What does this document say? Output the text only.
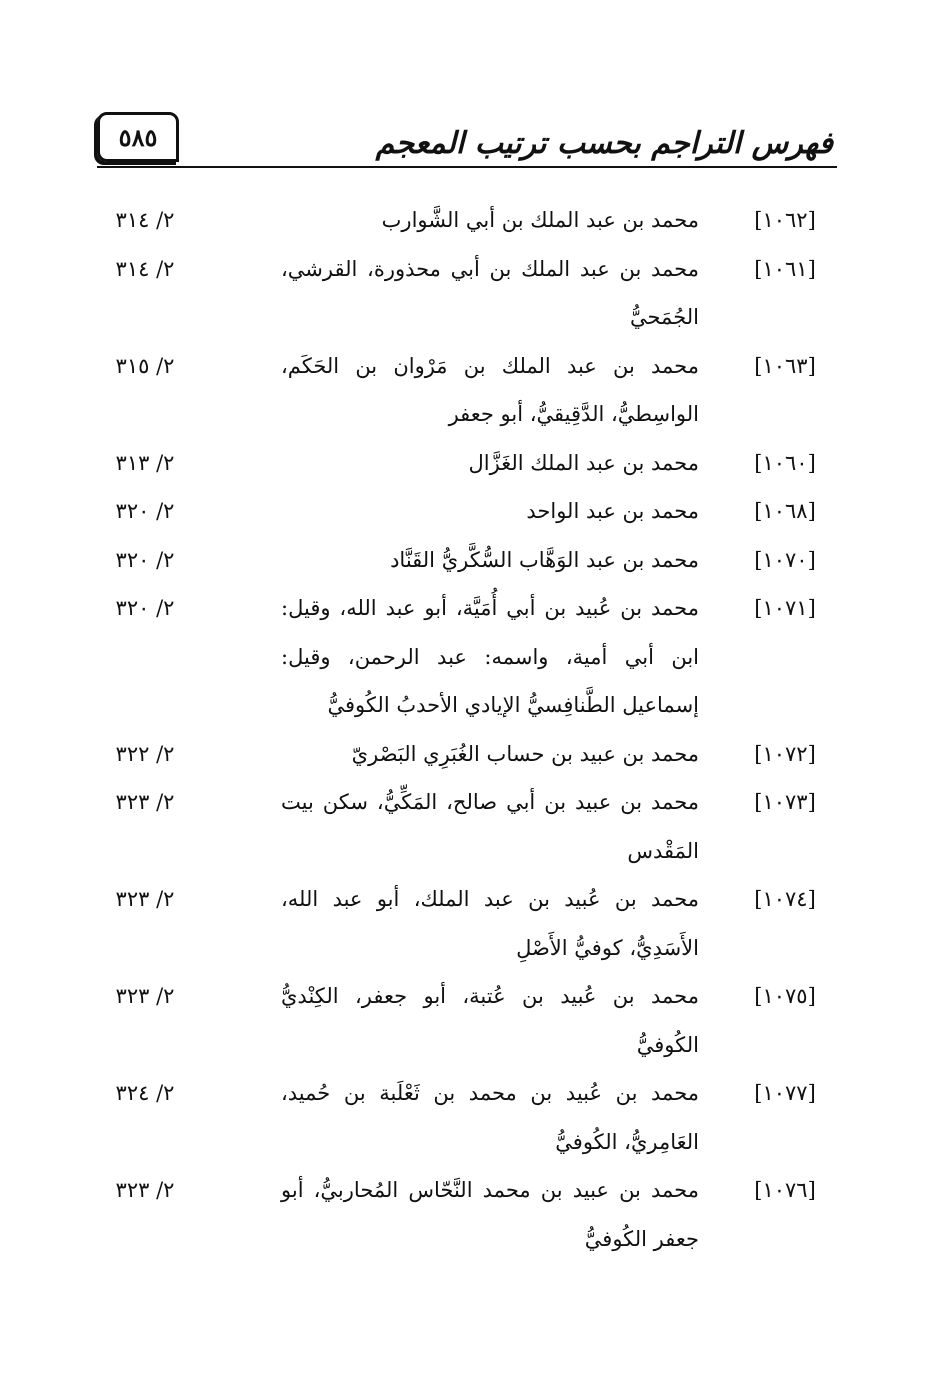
فهرس التراجم بحسب ترتيب المعجم
٥٨٥
[١٠٦٢]
محمد بن عبد الملك بن أبي الشَّوارب
٢/ ٣١٤
[١٠٦١]
محمد بن عبد الملك بن أبي محذورة، القرشي، الجُمَحيُّ
٢/ ٣١٤
[١٠٦٣]
محمد بن عبد الملك بن مَرْوان بن الحَكَم، الواسِطيُّ، الدَّقِيقيُّ، أبو جعفر
٢/ ٣١٥
[١٠٦٠]
محمد بن عبد الملك الغَزَّال
٢/ ٣١٣
[١٠٦٨]
محمد بن عبد الواحد
٢/ ٣٢٠
[١٠٧٠]
محمد بن عبد الوَهَّاب السُّكَّريُّ القَنَّاد
٢/ ٣٢٠
[١٠٧١]
محمد بن عُبيد بن أبي أُمَيَّة، أبو عبد الله، وقيل: ابن أبي أمية، واسمه: عبد الرحمن، وقيل: إسماعيل الطَّنافِسيُّ الإيادي الأحدبُ الكُوفيُّ
٢/ ٣٢٠
[١٠٧٢]
محمد بن عبيد بن حساب الغُبَرِي البَصْريّ
٢/ ٣٢٢
[١٠٧٣]
محمد بن عبيد بن أبي صالح، المَكِّيُّ، سكن بيت المَقْدس
٢/ ٣٢٣
[١٠٧٤]
محمد بن عُبيد بن عبد الملك، أبو عبد الله، الأَسَدِيُّ، كوفيُّ الأَصْلِ
٢/ ٣٢٣
[١٠٧٥]
محمد بن عُبيد بن عُتبة، أبو جعفر، الكِنْديُّ الكُوفيُّ
٢/ ٣٢٣
[١٠٧٧]
محمد بن عُبيد بن محمد بن ثَعْلَبة بن حُميد، العَامِريُّ، الكُوفيُّ
٢/ ٣٢٤
[١٠٧٦]
محمد بن عبيد بن محمد النَّحّاس المُحاربيُّ، أبو جعفر الكُوفيُّ
٢/ ٣٢٣
